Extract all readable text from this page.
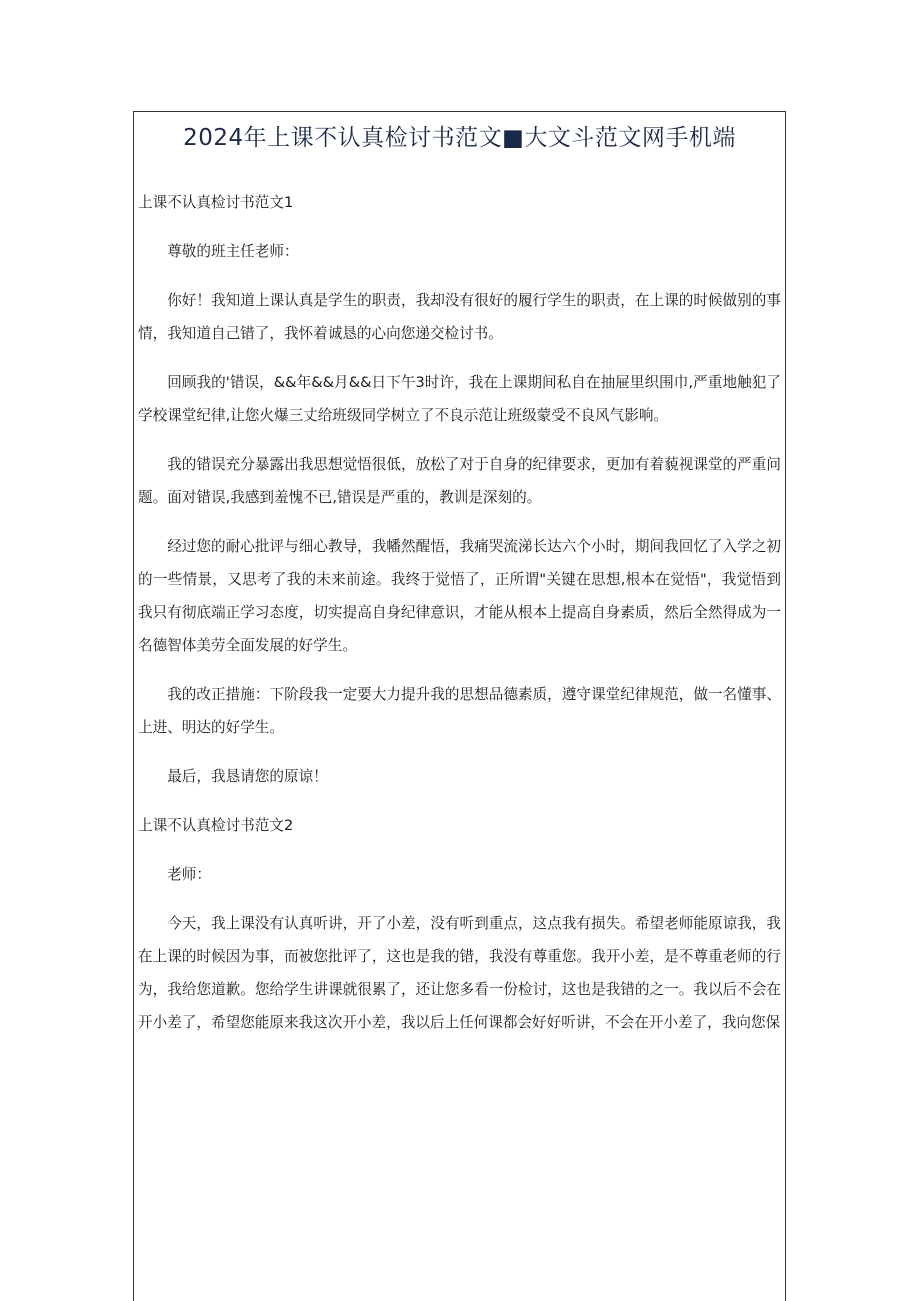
2024年上课不认真检讨书范文■大文斗范文网手机端

上课不认真检讨书范文1

尊敬的班主任老师：

你好！我知道上课认真是学生的职责，我却没有很好的履行学生的职责，在上课的时候做别的事情，我知道自己错了，我怀着诚恳的心向您递交检讨书。

回顾我的'错误，&&年&&月&&日下午3时许，我在上课期间私自在抽屉里织围巾,严重地触犯了学校课堂纪律,让您火爆三丈给班级同学树立了不良示范让班级蒙受不良风气影响。

我的错误充分暴露出我思想觉悟很低，放松了对于自身的纪律要求，更加有着藐视课堂的严重问题。面对错误,我感到羞愧不已,错误是严重的，教训是深刻的。

经过您的耐心批评与细心教导，我幡然醒悟，我痛哭流涕长达六个小时，期间我回忆了入学之初的一些情景，又思考了我的未来前途。我终于觉悟了，正所谓"关键在思想,根本在觉悟"，我觉悟到我只有彻底端正学习态度，切实提高自身纪律意识，才能从根本上提高自身素质，然后全然得成为一名德智体美劳全面发展的好学生。

我的改正措施：下阶段我一定要大力提升我的思想品德素质，遵守课堂纪律规范，做一名懂事、上进、明达的好学生。

最后，我恳请您的原谅！

上课不认真检讨书范文2

老师：

今天，我上课没有认真听讲，开了小差，没有听到重点，这点我有损失。希望老师能原谅我，我在上课的时候因为事，而被您批评了，这也是我的错，我没有尊重您。我开小差，是不尊重老师的行为，我给您道歉。您给学生讲课就很累了，还让您多看一份检讨，这也是我错的之一。我以后不会在开小差了，希望您能原来我这次开小差，我以后上任何课都会好好听讲，不会在开小差了，我向您保
